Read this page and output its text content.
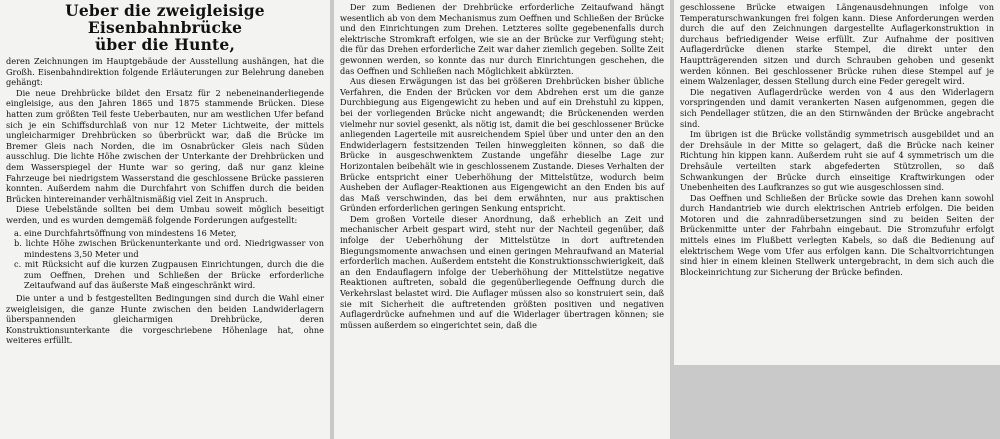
Ueber die zweigleisige Eisenbahnbrücke
über die Hunte,

deren Zeichnungen im Hauptgebäude der Ausstellung aushängen, hat die Großh. Eisenbahndirektion folgende Erläuterungen zur Belehrung daneben gehängt:

Die neue Drehbrücke bildet den Ersatz für 2 nebeneinanderliegende eingleisige, aus den Jahren 1865 und 1875 stammende Brücken. Diese hatten zum größten Teil feste Ueberbauten, nur am westlichen Ufer befand sich je ein Schiffsdurchlaß von nur 12 Meter Lichtweite, der mittels ungleicharmiger Drehbrücken so überbrückt war, daß die Brücke im Bremer Gleis nach Norden, die im Osnabrücker Gleis nach Süden ausschlug. Die lichte Höhe zwischen der Unterkante der Drehbrücken und dem Wasserspiegel der Hunte war so gering, daß nur ganz kleine Fahrzeuge bei niedrigstem Wasserstand die geschlossene Brücke passieren konnten. Außerdem nahm die Durchfahrt von Schiffen durch die beiden Brücken hintereinander verhältnismäßig viel Zeit in Anspruch.

Diese Uebelstände sollten bei dem Umbau soweit möglich beseitigt werden, und es wurden demgemäß folgende Forderungen aufgestellt:

a. eine Durchfahrtsöffnung von mindestens 16 Meter,
b. lichte Höhe zwischen Brückenunterkante und ord. Niedrigwasser von mindestens 3,50 Meter und
c. mit Rücksicht auf die kurzen Zugpausen Einrichtungen, durch die die zum Oeffnen, Drehen und Schließen der Brücke erforderliche Zeitaufwand auf das äußerste Maß eingeschränkt wird.

Die unter a und b festgestellten Bedingungen sind durch die Wahl einer zweigleisigen, die ganze Hunte zwischen den beiden Landwiderlagern überspannenden gleicharmigen Drehbrücke, deren Konstruktionsunterkante die vorgeschriebene Höhenlage hat, ohne weiteres erfüllt.

Der zum Bedienen der Drehbrücke erforderliche Zeitaufwand hängt wesentlich ab von dem Mechanismus zum Oeffnen und Schließen der Brücke und den Einrichtungen zum Drehen. Letzteres sollte gegebenenfalls durch elektrische Stromkraft erfolgen, wie sie an der Brücke zur Verfügung steht; die für das Drehen erforderliche Zeit war daher ziemlich gegeben. Sollte Zeit gewonnen werden, so konnte das nur durch Einrichtungen geschehen, die das Oeffnen und Schließen nach Möglichkeit abkürzten.

Aus diesen Erwägungen ist das bei größeren Drehbrücken bisher übliche Verfahren, die Enden der Brücken vor dem Abdrehen erst um die ganze Durchbiegung aus Eigengewicht zu heben und auf ein Drehstuhl zu kippen, bei der vorliegenden Brücke nicht angewandt; die Brückenenden werden vielmehr nur soviel gesenkt, als nötig ist, damit die bei geschlossener Brücke anliegenden Lagerteile mit ausreichendem Spiel über und unter den an den Endwiderlagern festsitzenden Teilen hinweggleiten können, so daß die Brücke in ausgeschwenktem Zustande ungefähr dieselbe Lage zur Horizontalen beibehält wie in geschlossenem Zustande. Dieses Verhalten der Brücke entspricht einer Ueberhöhung der Mittelstütze, wodurch beim Ausheben der Auflager-Reaktionen aus Eigengewicht an den Enden bis auf das Maß verschwinden, das bei dem erwähnten, nur aus praktischen Gründen erforderlichen geringen Senkung entspricht.

Dem großen Vorteile dieser Anordnung, daß erheblich an Zeit und mechanischer Arbeit gespart wird, steht nur der Nachteil gegenüber, daß infolge der Ueberhöhung der Mittelstütze in dort auftretenden Biegungsmomente anwachsen und einen geringen Mehraufwand an Material erforderlich machen. Außerdem entsteht die Konstruktionsschwierigkeit, daß an den Endauflagern infolge der Ueberhöhung der Mittelstütze negative Reaktionen auftreten, sobald die gegenüberliegende Oeffnung durch die Verkehrslast belastet wird. Die Auflager müssen also so konstruiert sein, daß sie mit Sicherheit die auftretenden größten positiven und negativen Auflagerdrücke aufnehmen und auf die Widerlager übertragen können; sie müssen außerdem so eingerichtet sein, daß die

geschlossene Brücke etwaigen Längenausdehnungen infolge von Temperaturschwankungen frei folgen kann. Diese Anforderungen werden durch die auf den Zeichnungen dargestellte Auflagerkonstruktion in durchaus befriedigender Weise erfüllt. Zur Aufnahme der positiven Auflagerdrücke dienen starke Stempel, die direkt unter den Hauptträgerenden sitzen und durch Schrauben gehoben und gesenkt werden können. Bei geschlossener Brücke ruhen diese Stempel auf je einem Walzenlager, dessen Stellung durch eine Feder geregelt wird.

Die negativen Auflagerdrücke werden von 4 aus den Widerlagern vorspringenden und damit verankerten Nasen aufgenommen, gegen die sich Pendellager stützen, die an den Stirnwänden der Brücke angebracht sind.

Im übrigen ist die Brücke vollständig symmetrisch ausgebildet und an der Drehsäule in der Mitte so gelagert, daß die Brücke nach keiner Richtung hin kippen kann. Außerdem ruht sie auf 4 symmetrisch um die Drehsäule verteilten stark abgefederten Stützrollen, so daß Schwankungen der Brücke durch einseitige Kraftwirkungen oder Unebenheiten des Laufkranzes so gut wie ausgeschlossen sind.

Das Oeffnen und Schließen der Brücke sowie das Drehen kann sowohl durch Handantrieb wie durch elektrischen Antrieb erfolgen. Die beiden Motoren und die zahnradübersetzungen sind zu beiden Seiten der Brückenmitte unter der Fahrbahn eingebaut. Die Stromzufuhr erfolgt mittels eines im Flußbett verlegten Kabels, so daß die Bedienung auf elektrischem Wege vom Ufer aus erfolgen kann. Die Schaltvorrichtungen sind hier in einem kleinen Stellwerk untergebracht, in dem sich auch die Blockeinrichtung zur Sicherung der Brücke befinden.
